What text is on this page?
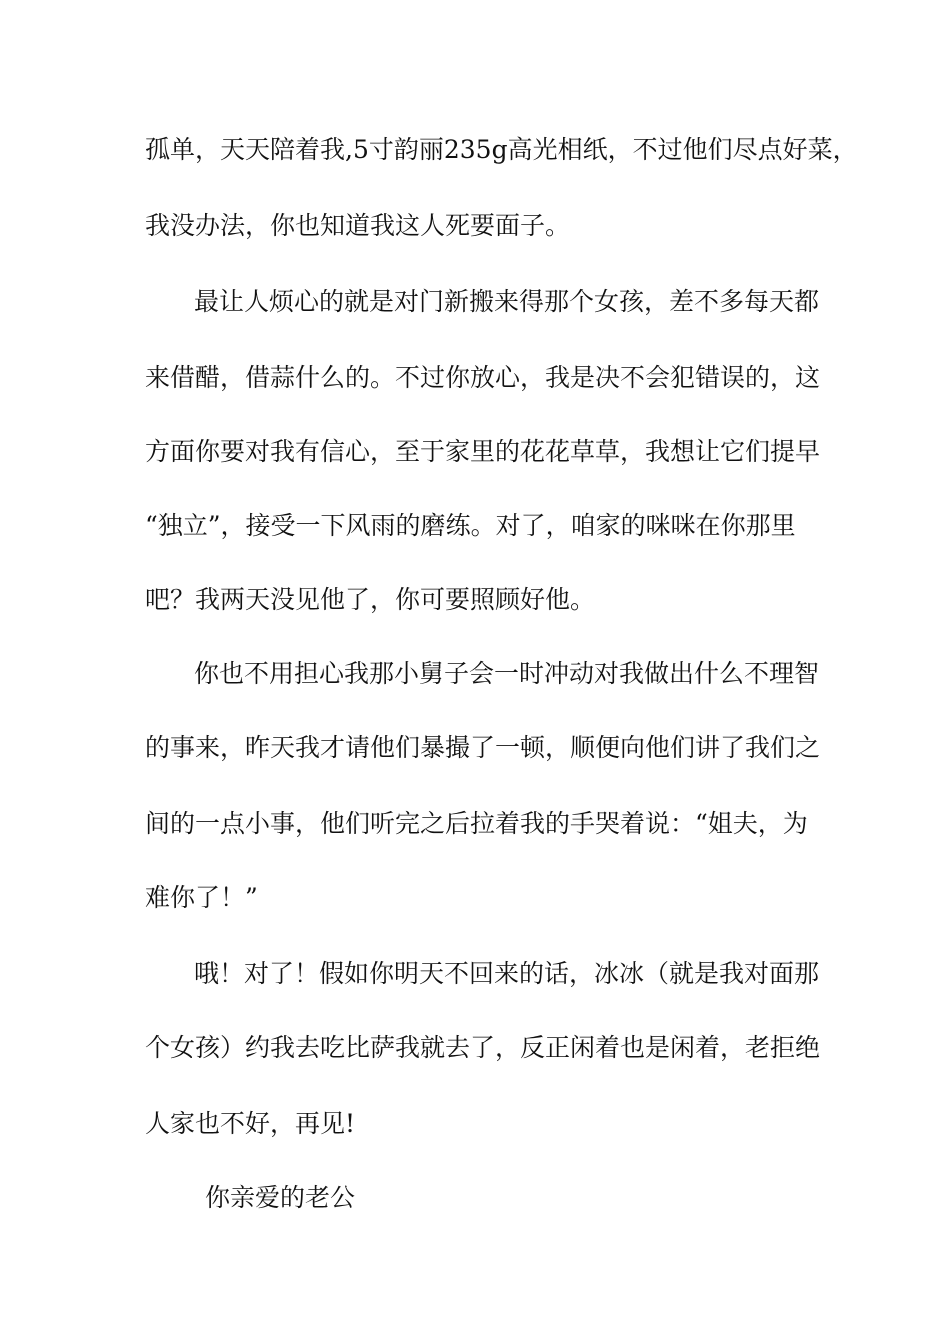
孤单，天天陪着我,5寸韵丽235g高光相纸，不过他们尽点好菜，
我没办法，你也知道我这人死要面子。
最让人烦心的就是对门新搬来得那个女孩，差不多每天都
来借醋，借蒜什么的。不过你放心，我是决不会犯错误的，这
方面你要对我有信心，至于家里的花花草草，我想让它们提早
“独立”，接受一下风雨的磨练。对了，咱家的咪咪在你那里
吧？我两天没见他了，你可要照顾好他。
你也不用担心我那小舅子会一时冲动对我做出什么不理智
的事来，昨天我才请他们暴撮了一顿，顺便向他们讲了我们之
间的一点小事，他们听完之后拉着我的手哭着说：“姐夫，为
难你了！”
哦！对了！假如你明天不回来的话，冰冰（就是我对面那
个女孩）约我去吃比萨我就去了，反正闲着也是闲着，老拒绝
人家也不好，再见!
你亲爱的老公
